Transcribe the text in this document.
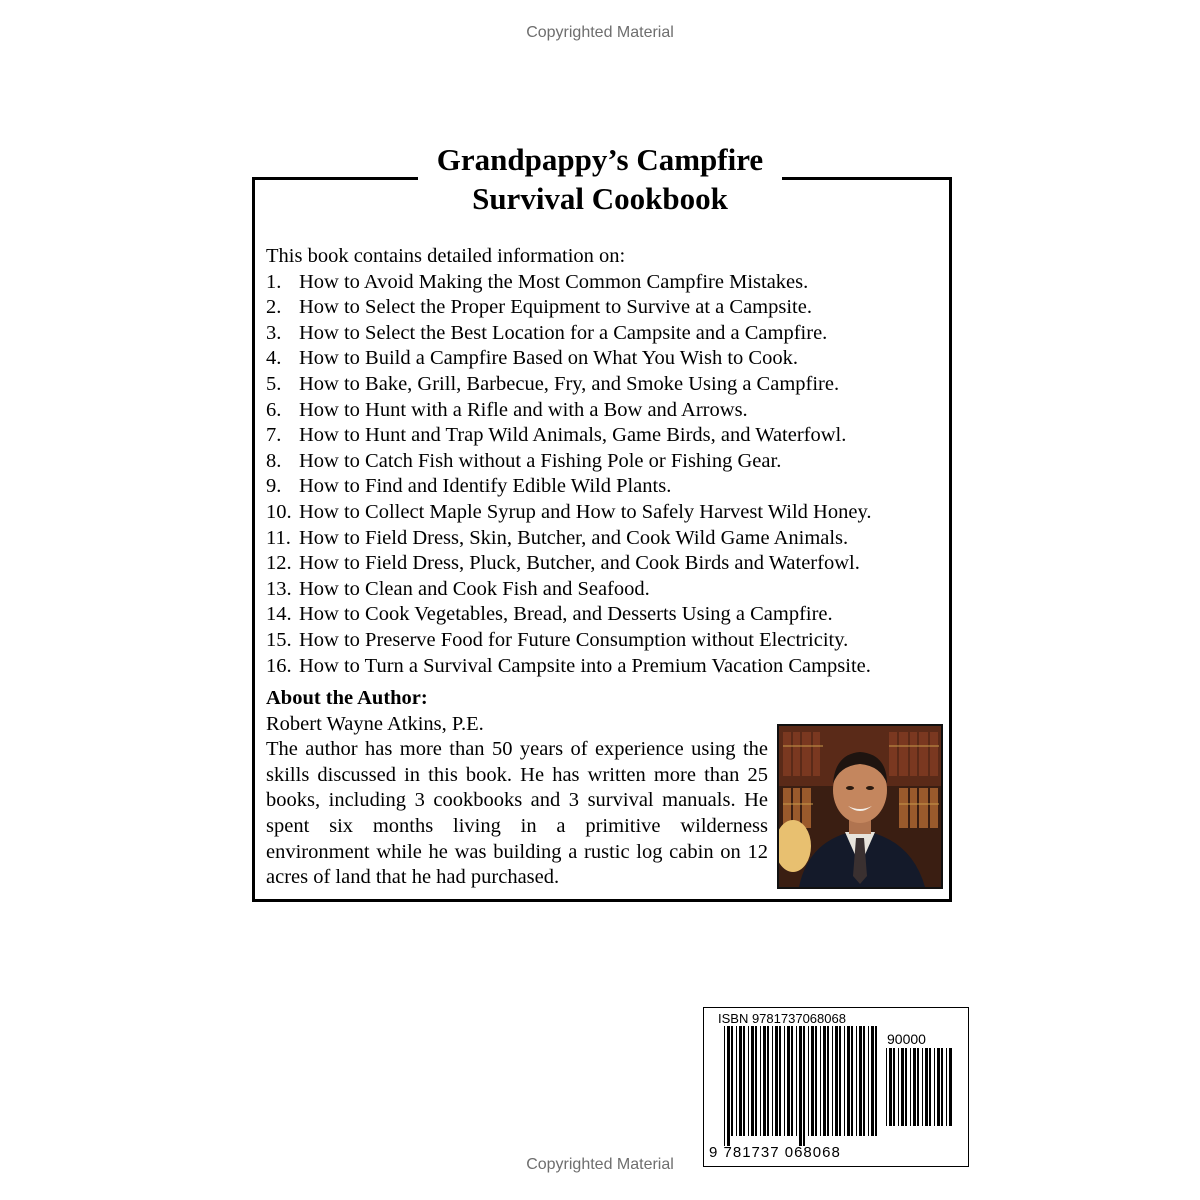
Copyrighted Material
Grandpappy’s Campfire
Survival Cookbook
This book contains detailed information on:
1. How to Avoid Making the Most Common Campfire Mistakes.
2. How to Select the Proper Equipment to Survive at a Campsite.
3. How to Select the Best Location for a Campsite and a Campfire.
4. How to Build a Campfire Based on What You Wish to Cook.
5. How to Bake, Grill, Barbecue, Fry, and Smoke Using a Campfire.
6. How to Hunt with a Rifle and with a Bow and Arrows.
7. How to Hunt and Trap Wild Animals, Game Birds, and Waterfowl.
8. How to Catch Fish without a Fishing Pole or Fishing Gear.
9. How to Find and Identify Edible Wild Plants.
10. How to Collect Maple Syrup and How to Safely Harvest Wild Honey.
11. How to Field Dress, Skin, Butcher, and Cook Wild Game Animals.
12. How to Field Dress, Pluck, Butcher, and Cook Birds and Waterfowl.
13. How to Clean and Cook Fish and Seafood.
14. How to Cook Vegetables, Bread, and Desserts Using a Campfire.
15. How to Preserve Food for Future Consumption without Electricity.
16. How to Turn a Survival Campsite into a Premium Vacation Campsite.
About the Author:
Robert Wayne Atkins, P.E.
The author has more than 50 years of experience using the skills discussed in this book. He has written more than 25 books, including 3 cookbooks and 3 survival manuals. He spent six months living in a primitive wilderness environment while he was building a rustic log cabin on 12 acres of land that he had purchased.
ISBN 9781737068068
90000
9 781737 068068
Copyrighted Material
